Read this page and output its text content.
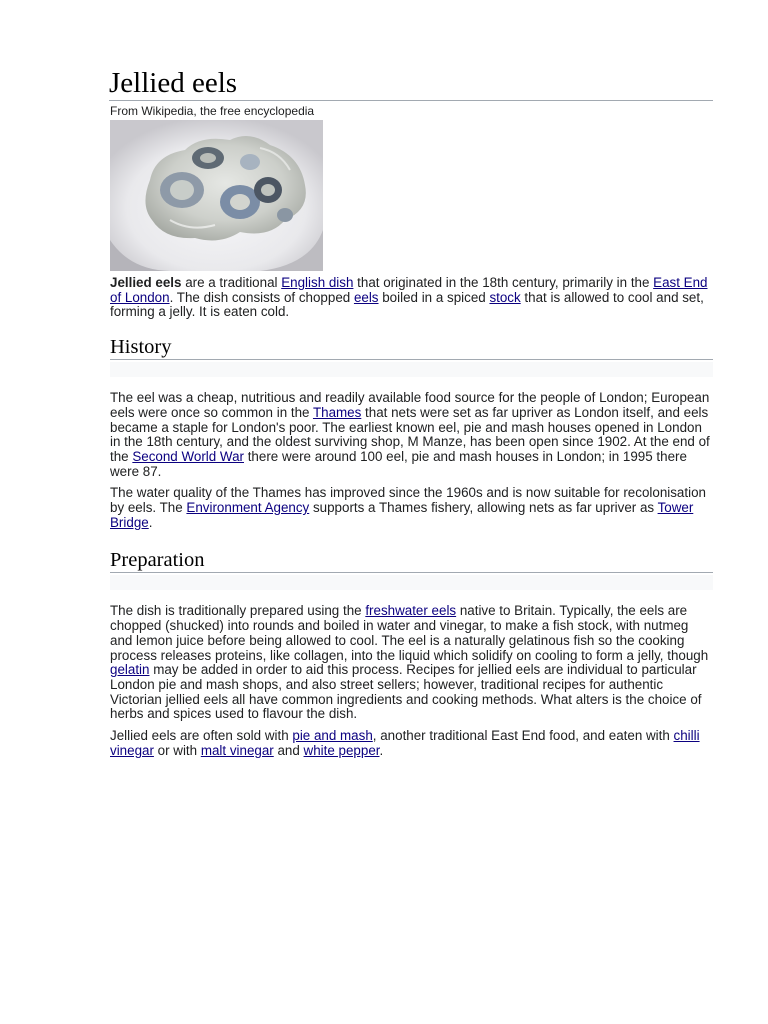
Jellied eels
From Wikipedia, the free encyclopedia

Jellied eels are a traditional English dish that originated in the 18th century, primarily in the East End of London. The dish consists of chopped eels boiled in a spiced stock that is allowed to cool and set, forming a jelly. It is eaten cold.

History

The eel was a cheap, nutritious and readily available food source for the people of London; European eels were once so common in the Thames that nets were set as far upriver as London itself, and eels became a staple for London's poor. The earliest known eel, pie and mash houses opened in London in the 18th century, and the oldest surviving shop, M Manze, has been open since 1902. At the end of the Second World War there were around 100 eel, pie and mash houses in London; in 1995 there were 87.

The water quality of the Thames has improved since the 1960s and is now suitable for recolonisation by eels. The Environment Agency supports a Thames fishery, allowing nets as far upriver as Tower Bridge.

Preparation

The dish is traditionally prepared using the freshwater eels native to Britain. Typically, the eels are chopped (shucked) into rounds and boiled in water and vinegar, to make a fish stock, with nutmeg and lemon juice before being allowed to cool. The eel is a naturally gelatinous fish so the cooking process releases proteins, like collagen, into the liquid which solidify on cooling to form a jelly, though gelatin may be added in order to aid this process. Recipes for jellied eels are individual to particular London pie and mash shops, and also street sellers; however, traditional recipes for authentic Victorian jellied eels all have common ingredients and cooking methods. What alters is the choice of herbs and spices used to flavour the dish.

Jellied eels are often sold with pie and mash, another traditional East End food, and eaten with chilli vinegar or with malt vinegar and white pepper.
